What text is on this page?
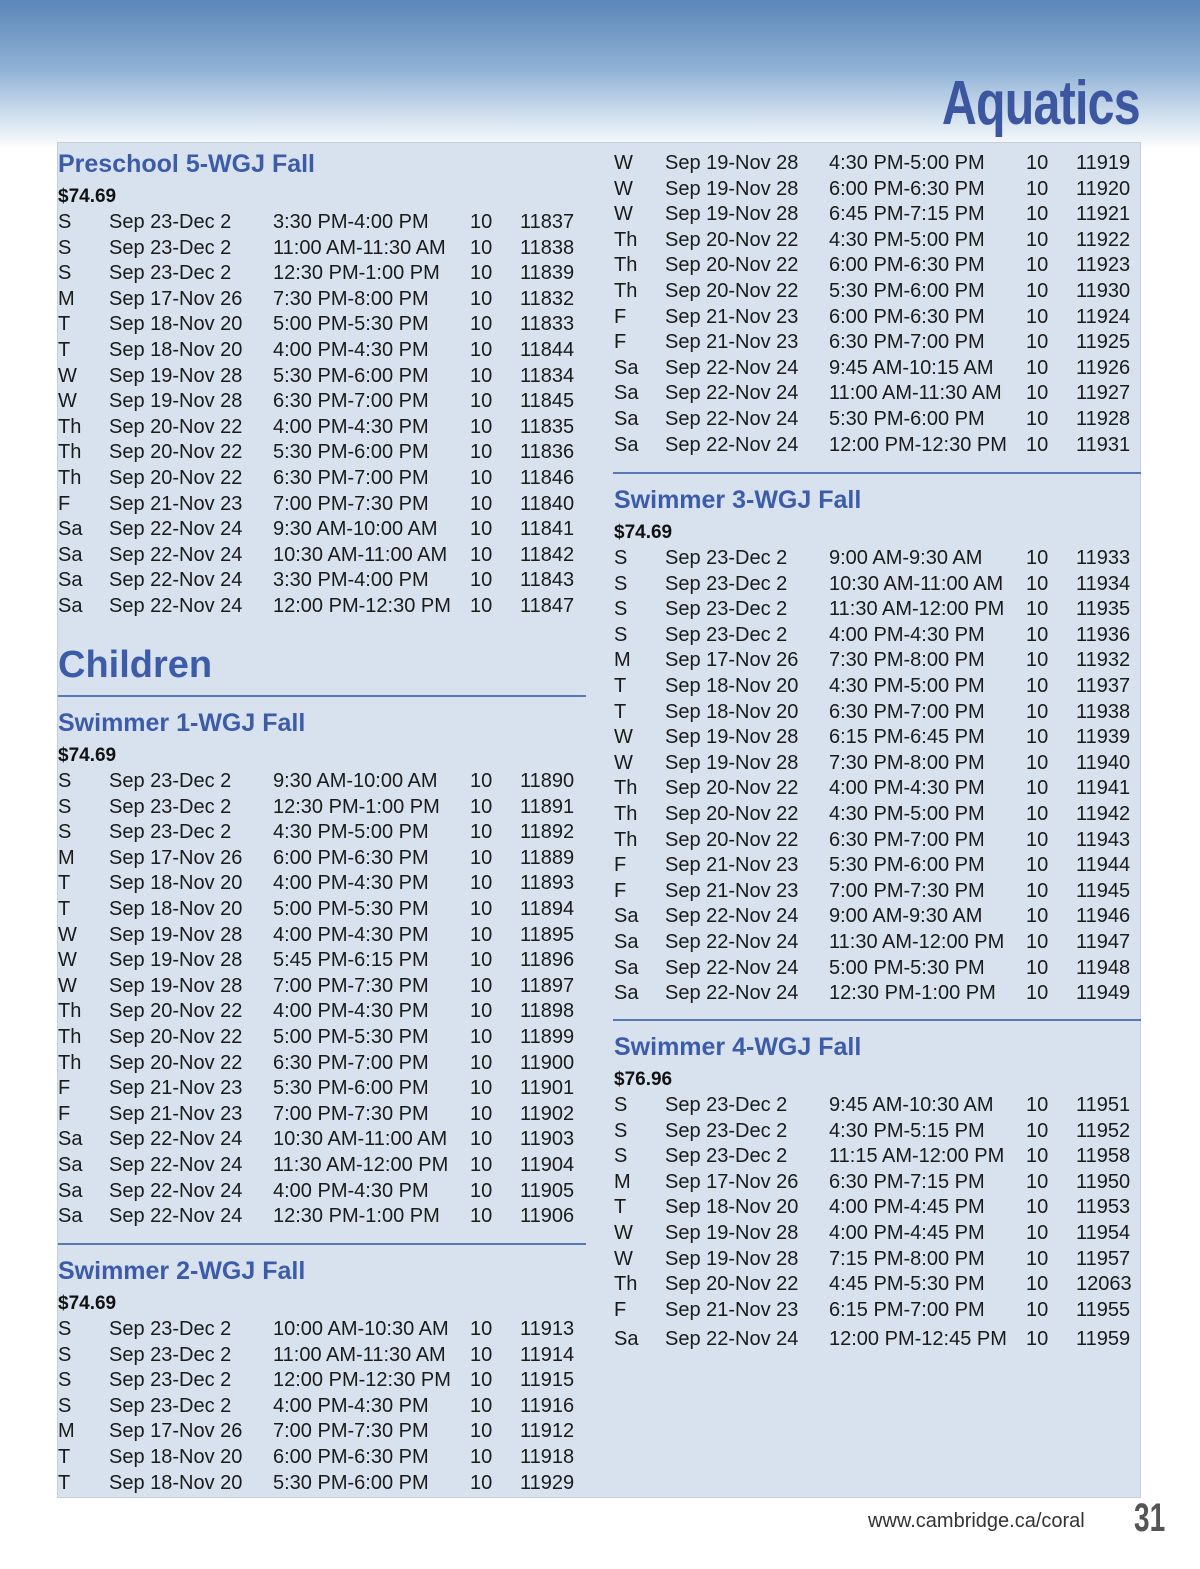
Aquatics
Preschool 5-WGJ Fall
$74.69
S Sep 23-Dec 2 3:30 PM-4:00 PM 10 11837
S Sep 23-Dec 2 11:00 AM-11:30 AM 10 11838
S Sep 23-Dec 2 12:30 PM-1:00 PM 10 11839
M Sep 17-Nov 26 7:30 PM-8:00 PM 10 11832
T Sep 18-Nov 20 5:00 PM-5:30 PM 10 11833
T Sep 18-Nov 20 4:00 PM-4:30 PM 10 11844
W Sep 19-Nov 28 5:30 PM-6:00 PM 10 11834
W Sep 19-Nov 28 6:30 PM-7:00 PM 10 11845
Th Sep 20-Nov 22 4:00 PM-4:30 PM 10 11835
Th Sep 20-Nov 22 5:30 PM-6:00 PM 10 11836
Th Sep 20-Nov 22 6:30 PM-7:00 PM 10 11846
F Sep 21-Nov 23 7:00 PM-7:30 PM 10 11840
Sa Sep 22-Nov 24 9:30 AM-10:00 AM 10 11841
Sa Sep 22-Nov 24 10:30 AM-11:00 AM 10 11842
Sa Sep 22-Nov 24 3:30 PM-4:00 PM 10 11843
Sa Sep 22-Nov 24 12:00 PM-12:30 PM 10 11847
Children
Swimmer 1-WGJ Fall
$74.69
S Sep 23-Dec 2 9:30 AM-10:00 AM 10 11890
S Sep 23-Dec 2 12:30 PM-1:00 PM 10 11891
S Sep 23-Dec 2 4:30 PM-5:00 PM 10 11892
M Sep 17-Nov 26 6:00 PM-6:30 PM 10 11889
T Sep 18-Nov 20 4:00 PM-4:30 PM 10 11893
T Sep 18-Nov 20 5:00 PM-5:30 PM 10 11894
W Sep 19-Nov 28 4:00 PM-4:30 PM 10 11895
W Sep 19-Nov 28 5:45 PM-6:15 PM 10 11896
W Sep 19-Nov 28 7:00 PM-7:30 PM 10 11897
Th Sep 20-Nov 22 4:00 PM-4:30 PM 10 11898
Th Sep 20-Nov 22 5:00 PM-5:30 PM 10 11899
Th Sep 20-Nov 22 6:30 PM-7:00 PM 10 11900
F Sep 21-Nov 23 5:30 PM-6:00 PM 10 11901
F Sep 21-Nov 23 7:00 PM-7:30 PM 10 11902
Sa Sep 22-Nov 24 10:30 AM-11:00 AM 10 11903
Sa Sep 22-Nov 24 11:30 AM-12:00 PM 10 11904
Sa Sep 22-Nov 24 4:00 PM-4:30 PM 10 11905
Sa Sep 22-Nov 24 12:30 PM-1:00 PM 10 11906
Swimmer 2-WGJ Fall
$74.69
S Sep 23-Dec 2 10:00 AM-10:30 AM 10 11913
S Sep 23-Dec 2 11:00 AM-11:30 AM 10 11914
S Sep 23-Dec 2 12:00 PM-12:30 PM 10 11915
S Sep 23-Dec 2 4:00 PM-4:30 PM 10 11916
M Sep 17-Nov 26 7:00 PM-7:30 PM 10 11912
T Sep 18-Nov 20 6:00 PM-6:30 PM 10 11918
T Sep 18-Nov 20 5:30 PM-6:00 PM 10 11929
W Sep 19-Nov 28 4:30 PM-5:00 PM 10 11919
W Sep 19-Nov 28 6:00 PM-6:30 PM 10 11920
W Sep 19-Nov 28 6:45 PM-7:15 PM 10 11921
Th Sep 20-Nov 22 4:30 PM-5:00 PM 10 11922
Th Sep 20-Nov 22 6:00 PM-6:30 PM 10 11923
Th Sep 20-Nov 22 5:30 PM-6:00 PM 10 11930
F Sep 21-Nov 23 6:00 PM-6:30 PM 10 11924
F Sep 21-Nov 23 6:30 PM-7:00 PM 10 11925
Sa Sep 22-Nov 24 9:45 AM-10:15 AM 10 11926
Sa Sep 22-Nov 24 11:00 AM-11:30 AM 10 11927
Sa Sep 22-Nov 24 5:30 PM-6:00 PM 10 11928
Sa Sep 22-Nov 24 12:00 PM-12:30 PM 10 11931
Swimmer 3-WGJ Fall
$74.69
S Sep 23-Dec 2 9:00 AM-9:30 AM 10 11933
S Sep 23-Dec 2 10:30 AM-11:00 AM 10 11934
S Sep 23-Dec 2 11:30 AM-12:00 PM 10 11935
S Sep 23-Dec 2 4:00 PM-4:30 PM 10 11936
M Sep 17-Nov 26 7:30 PM-8:00 PM 10 11932
T Sep 18-Nov 20 4:30 PM-5:00 PM 10 11937
T Sep 18-Nov 20 6:30 PM-7:00 PM 10 11938
W Sep 19-Nov 28 6:15 PM-6:45 PM 10 11939
W Sep 19-Nov 28 7:30 PM-8:00 PM 10 11940
Th Sep 20-Nov 22 4:00 PM-4:30 PM 10 11941
Th Sep 20-Nov 22 4:30 PM-5:00 PM 10 11942
Th Sep 20-Nov 22 6:30 PM-7:00 PM 10 11943
F Sep 21-Nov 23 5:30 PM-6:00 PM 10 11944
F Sep 21-Nov 23 7:00 PM-7:30 PM 10 11945
Sa Sep 22-Nov 24 9:00 AM-9:30 AM 10 11946
Sa Sep 22-Nov 24 11:30 AM-12:00 PM 10 11947
Sa Sep 22-Nov 24 5:00 PM-5:30 PM 10 11948
Sa Sep 22-Nov 24 12:30 PM-1:00 PM 10 11949
Swimmer 4-WGJ Fall
$76.96
S Sep 23-Dec 2 9:45 AM-10:30 AM 10 11951
S Sep 23-Dec 2 4:30 PM-5:15 PM 10 11952
S Sep 23-Dec 2 11:15 AM-12:00 PM 10 11958
M Sep 17-Nov 26 6:30 PM-7:15 PM 10 11950
T Sep 18-Nov 20 4:00 PM-4:45 PM 10 11953
W Sep 19-Nov 28 4:00 PM-4:45 PM 10 11954
W Sep 19-Nov 28 7:15 PM-8:00 PM 10 11957
Th Sep 20-Nov 22 4:45 PM-5:30 PM 10 12063
F Sep 21-Nov 23 6:15 PM-7:00 PM 10 11955
Sa Sep 22-Nov 24 12:00 PM-12:45 PM 10 11959
www.cambridge.ca/coral 31
